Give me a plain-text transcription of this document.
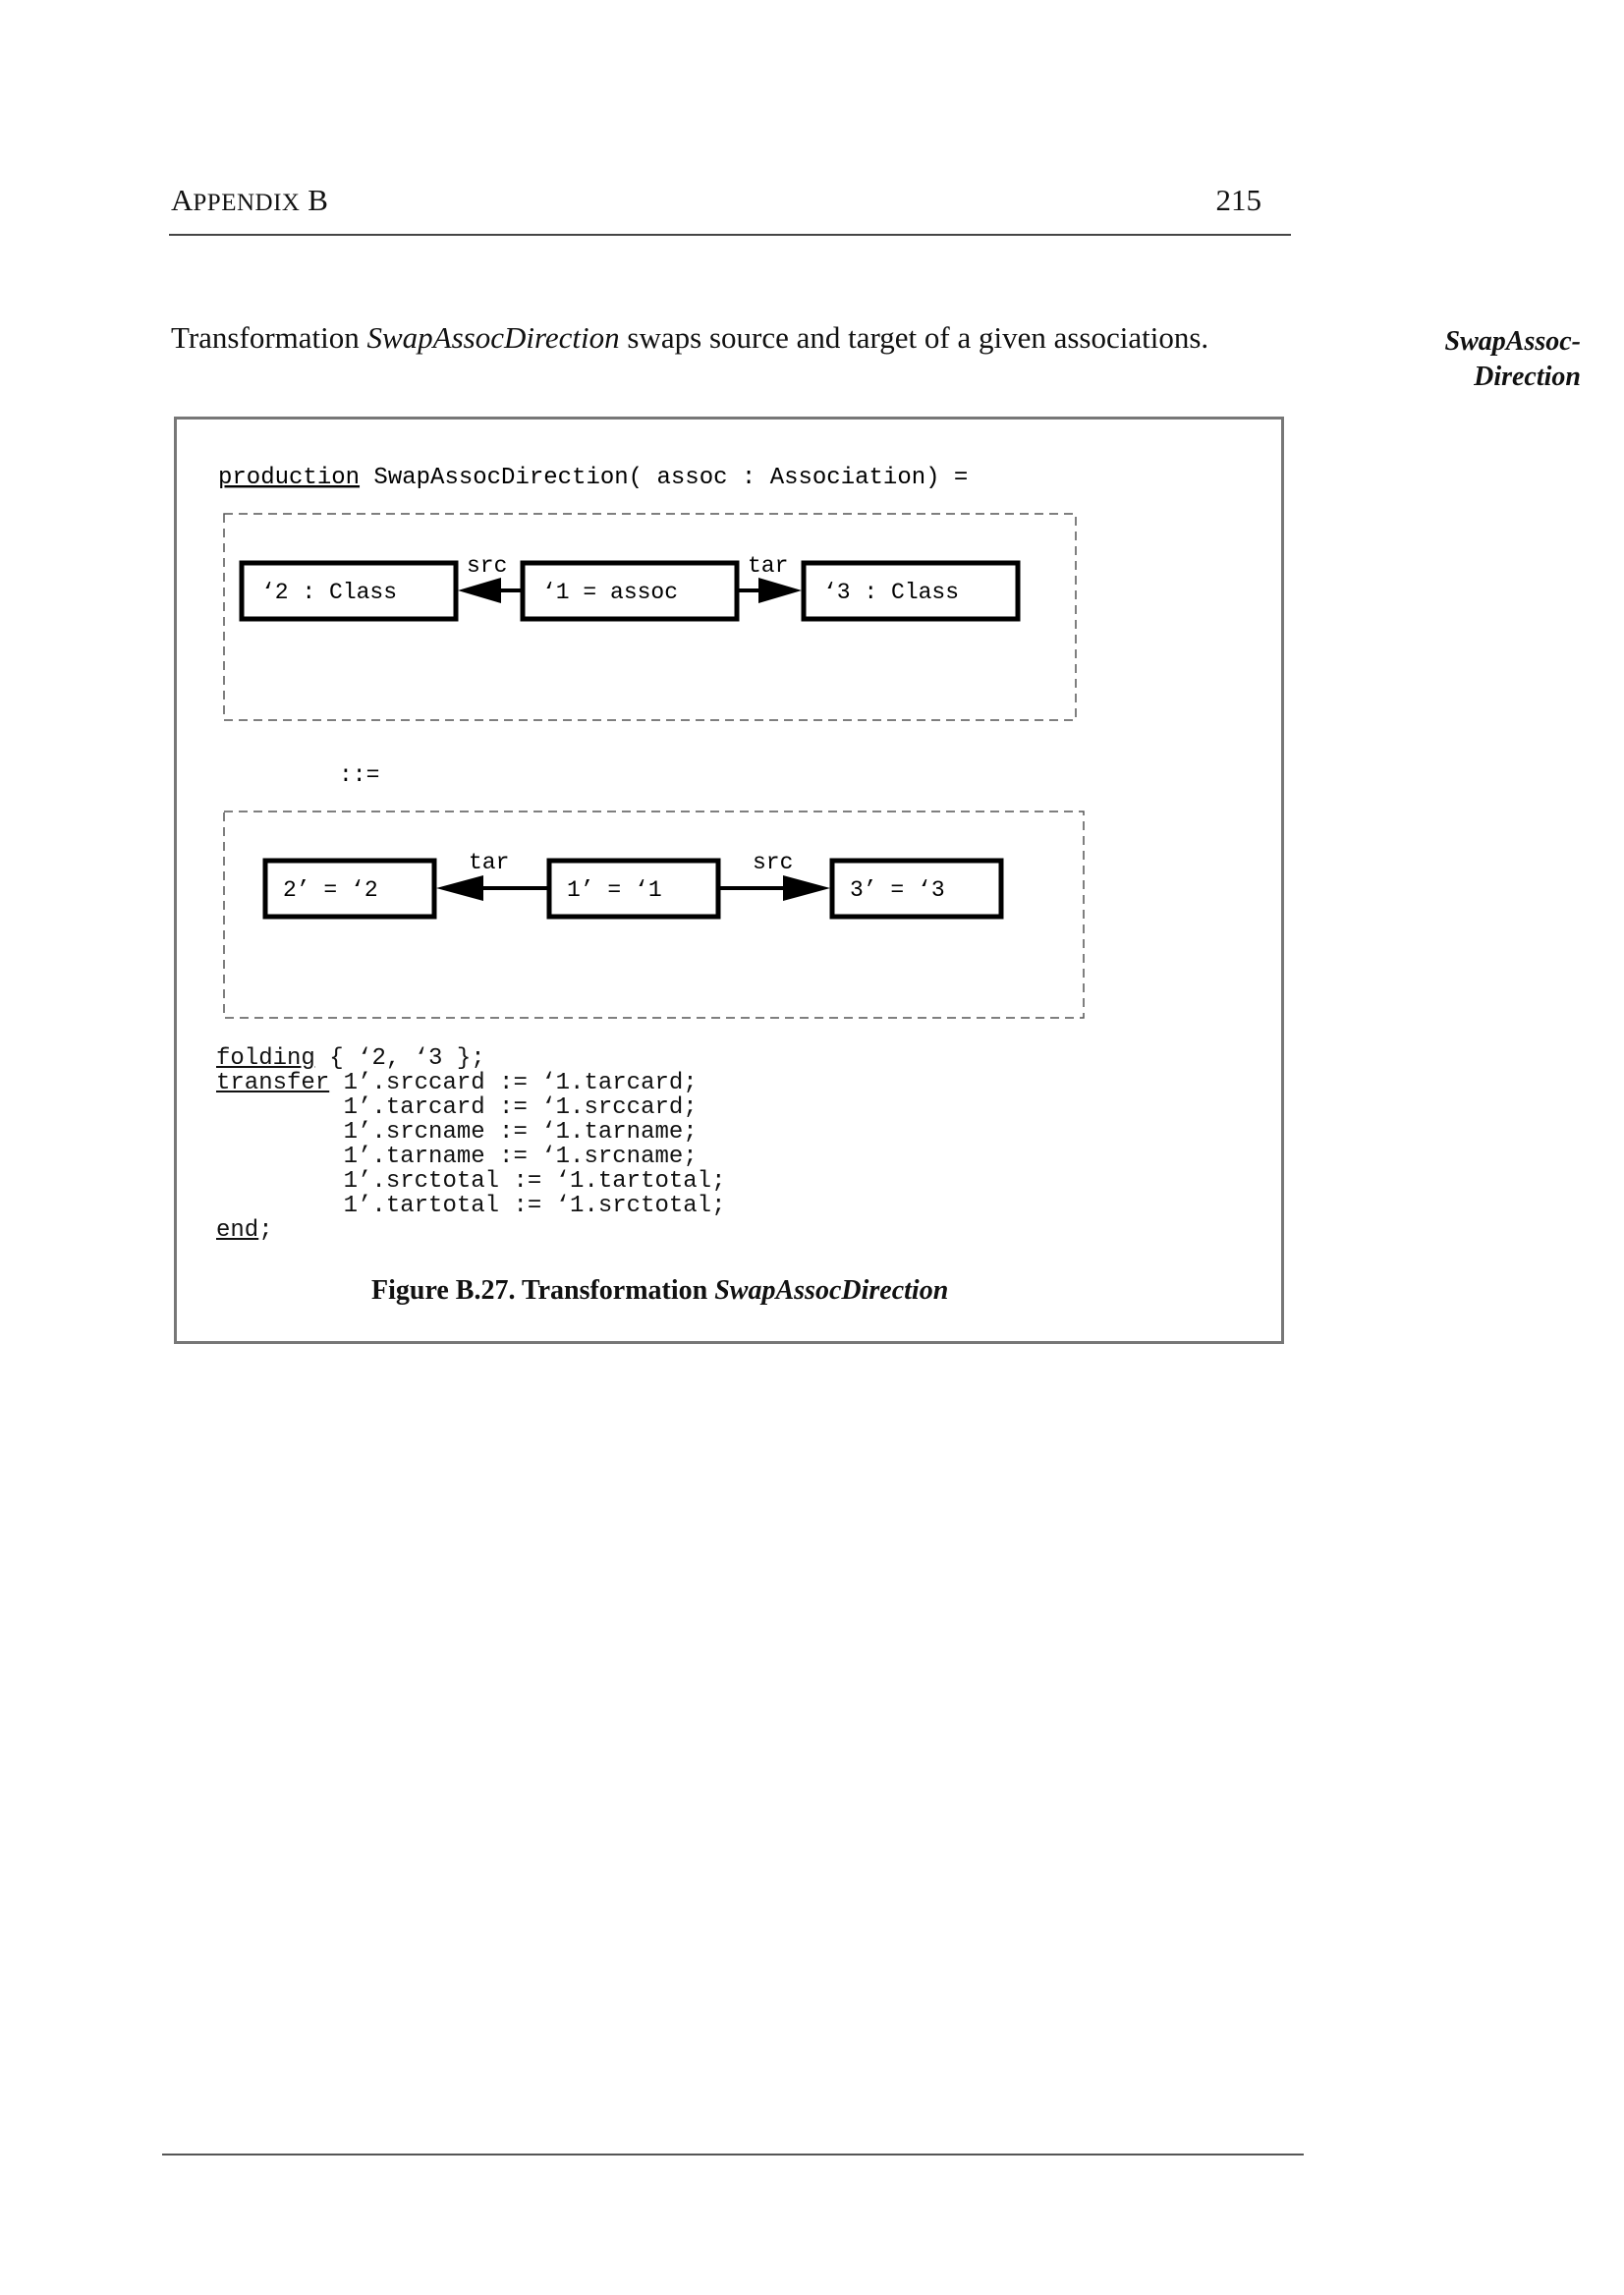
APPENDIX B	215
Transformation SwapAssocDirection swaps source and target of a given associations.	SwapAssoc-
Direction
production SwapAssocDirection( assoc : Association) =
‘2 : Class	‘1 = assoc	‘3 : Class
src	tar
::=
2’ = ‘2	1’ = ‘1	3’ = ‘3
tar	src
folding { ‘2, ‘3 };
transfer 1’.srccard := ‘1.tarcard;
1’.tarcard := ‘1.srccard;
1’.srcname := ‘1.tarname;
1’.tarname := ‘1.srcname;
1’.srctotal := ‘1.tartotal;
1’.tartotal := ‘1.srctotal;
end;
Figure B.27. Transformation SwapAssocDirection
